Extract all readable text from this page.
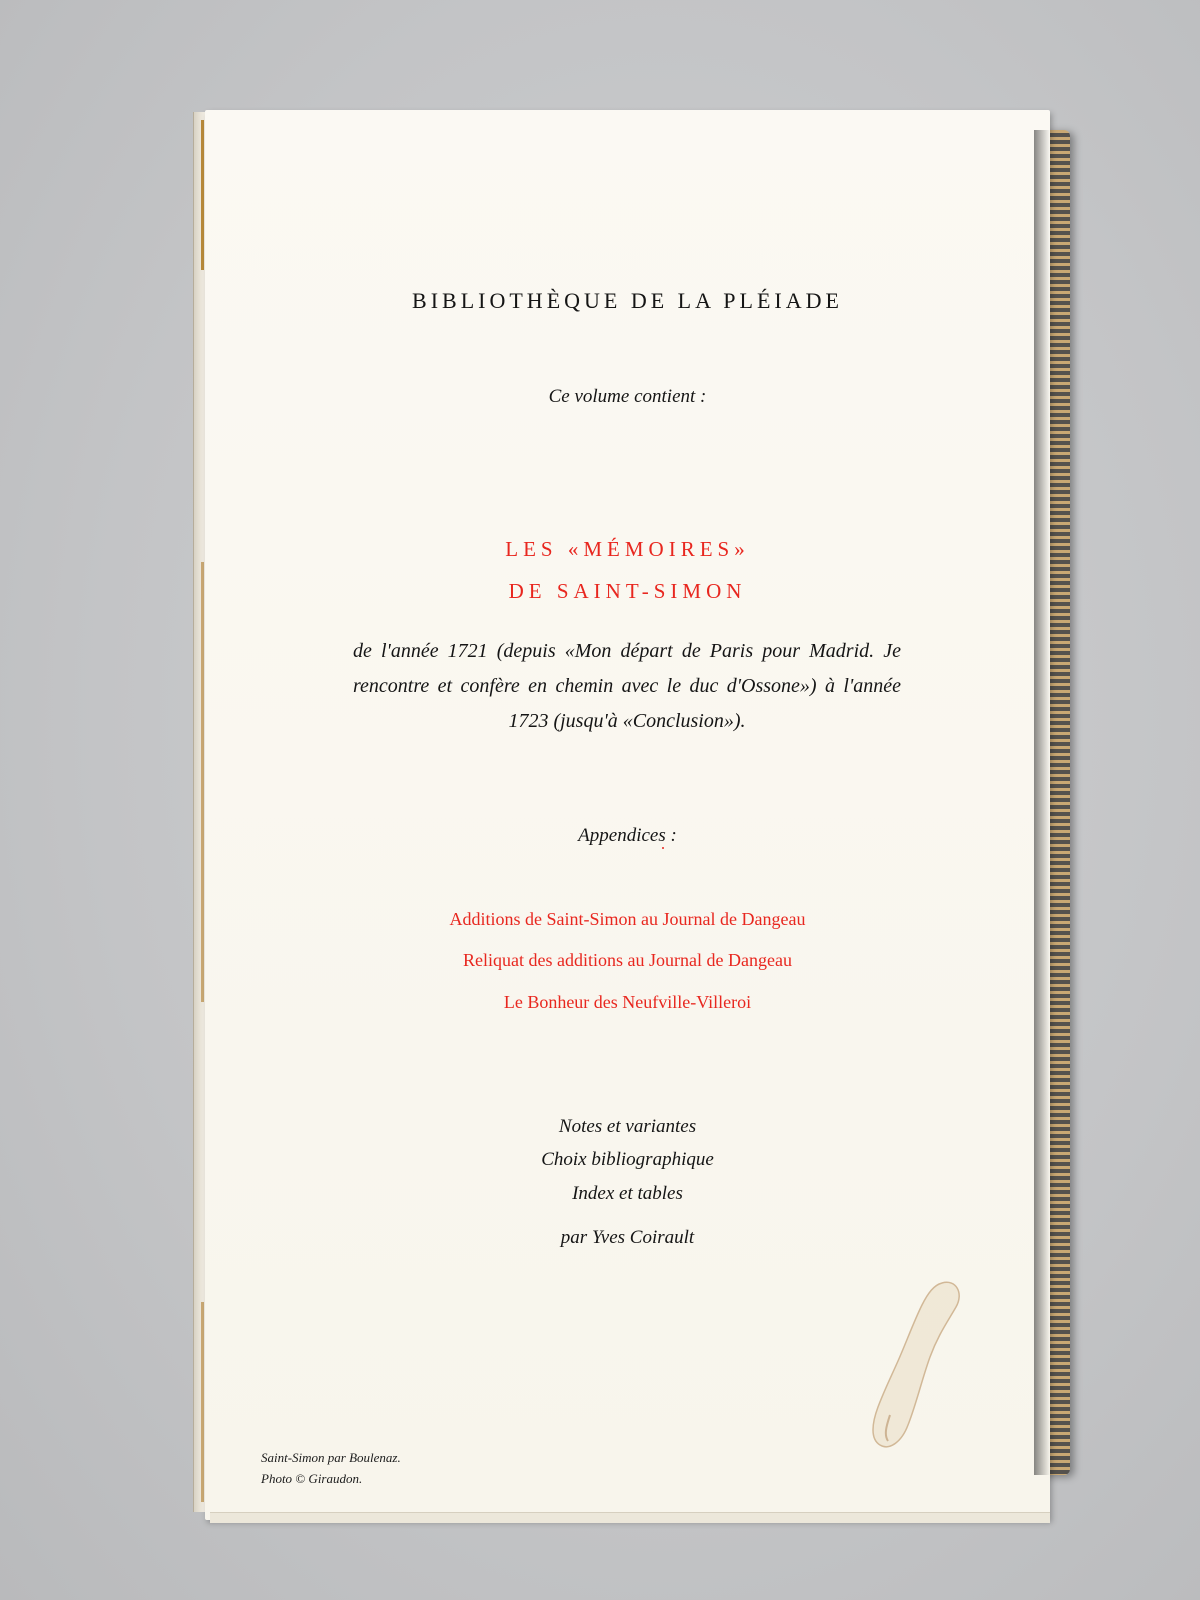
BIBLIOTHÈQUE DE LA PLÉIADE
Ce volume contient :
LES «MÉMOIRES»
DE SAINT-SIMON
de l'année 1721 (depuis «Mon départ de Paris pour Madrid. Je rencontre et confère en chemin avec le duc d'Ossone») à l'année 1723 (jusqu'à «Conclusion»).
Appendices :
Additions de Saint-Simon au Journal de Dangeau
Reliquat des additions au Journal de Dangeau
Le Bonheur des Neufville-Villeroi
Notes et variantes
Choix bibliographique
Index et tables
par Yves Coirault
Saint-Simon par Boulenaz.
Photo © Giraudon.
